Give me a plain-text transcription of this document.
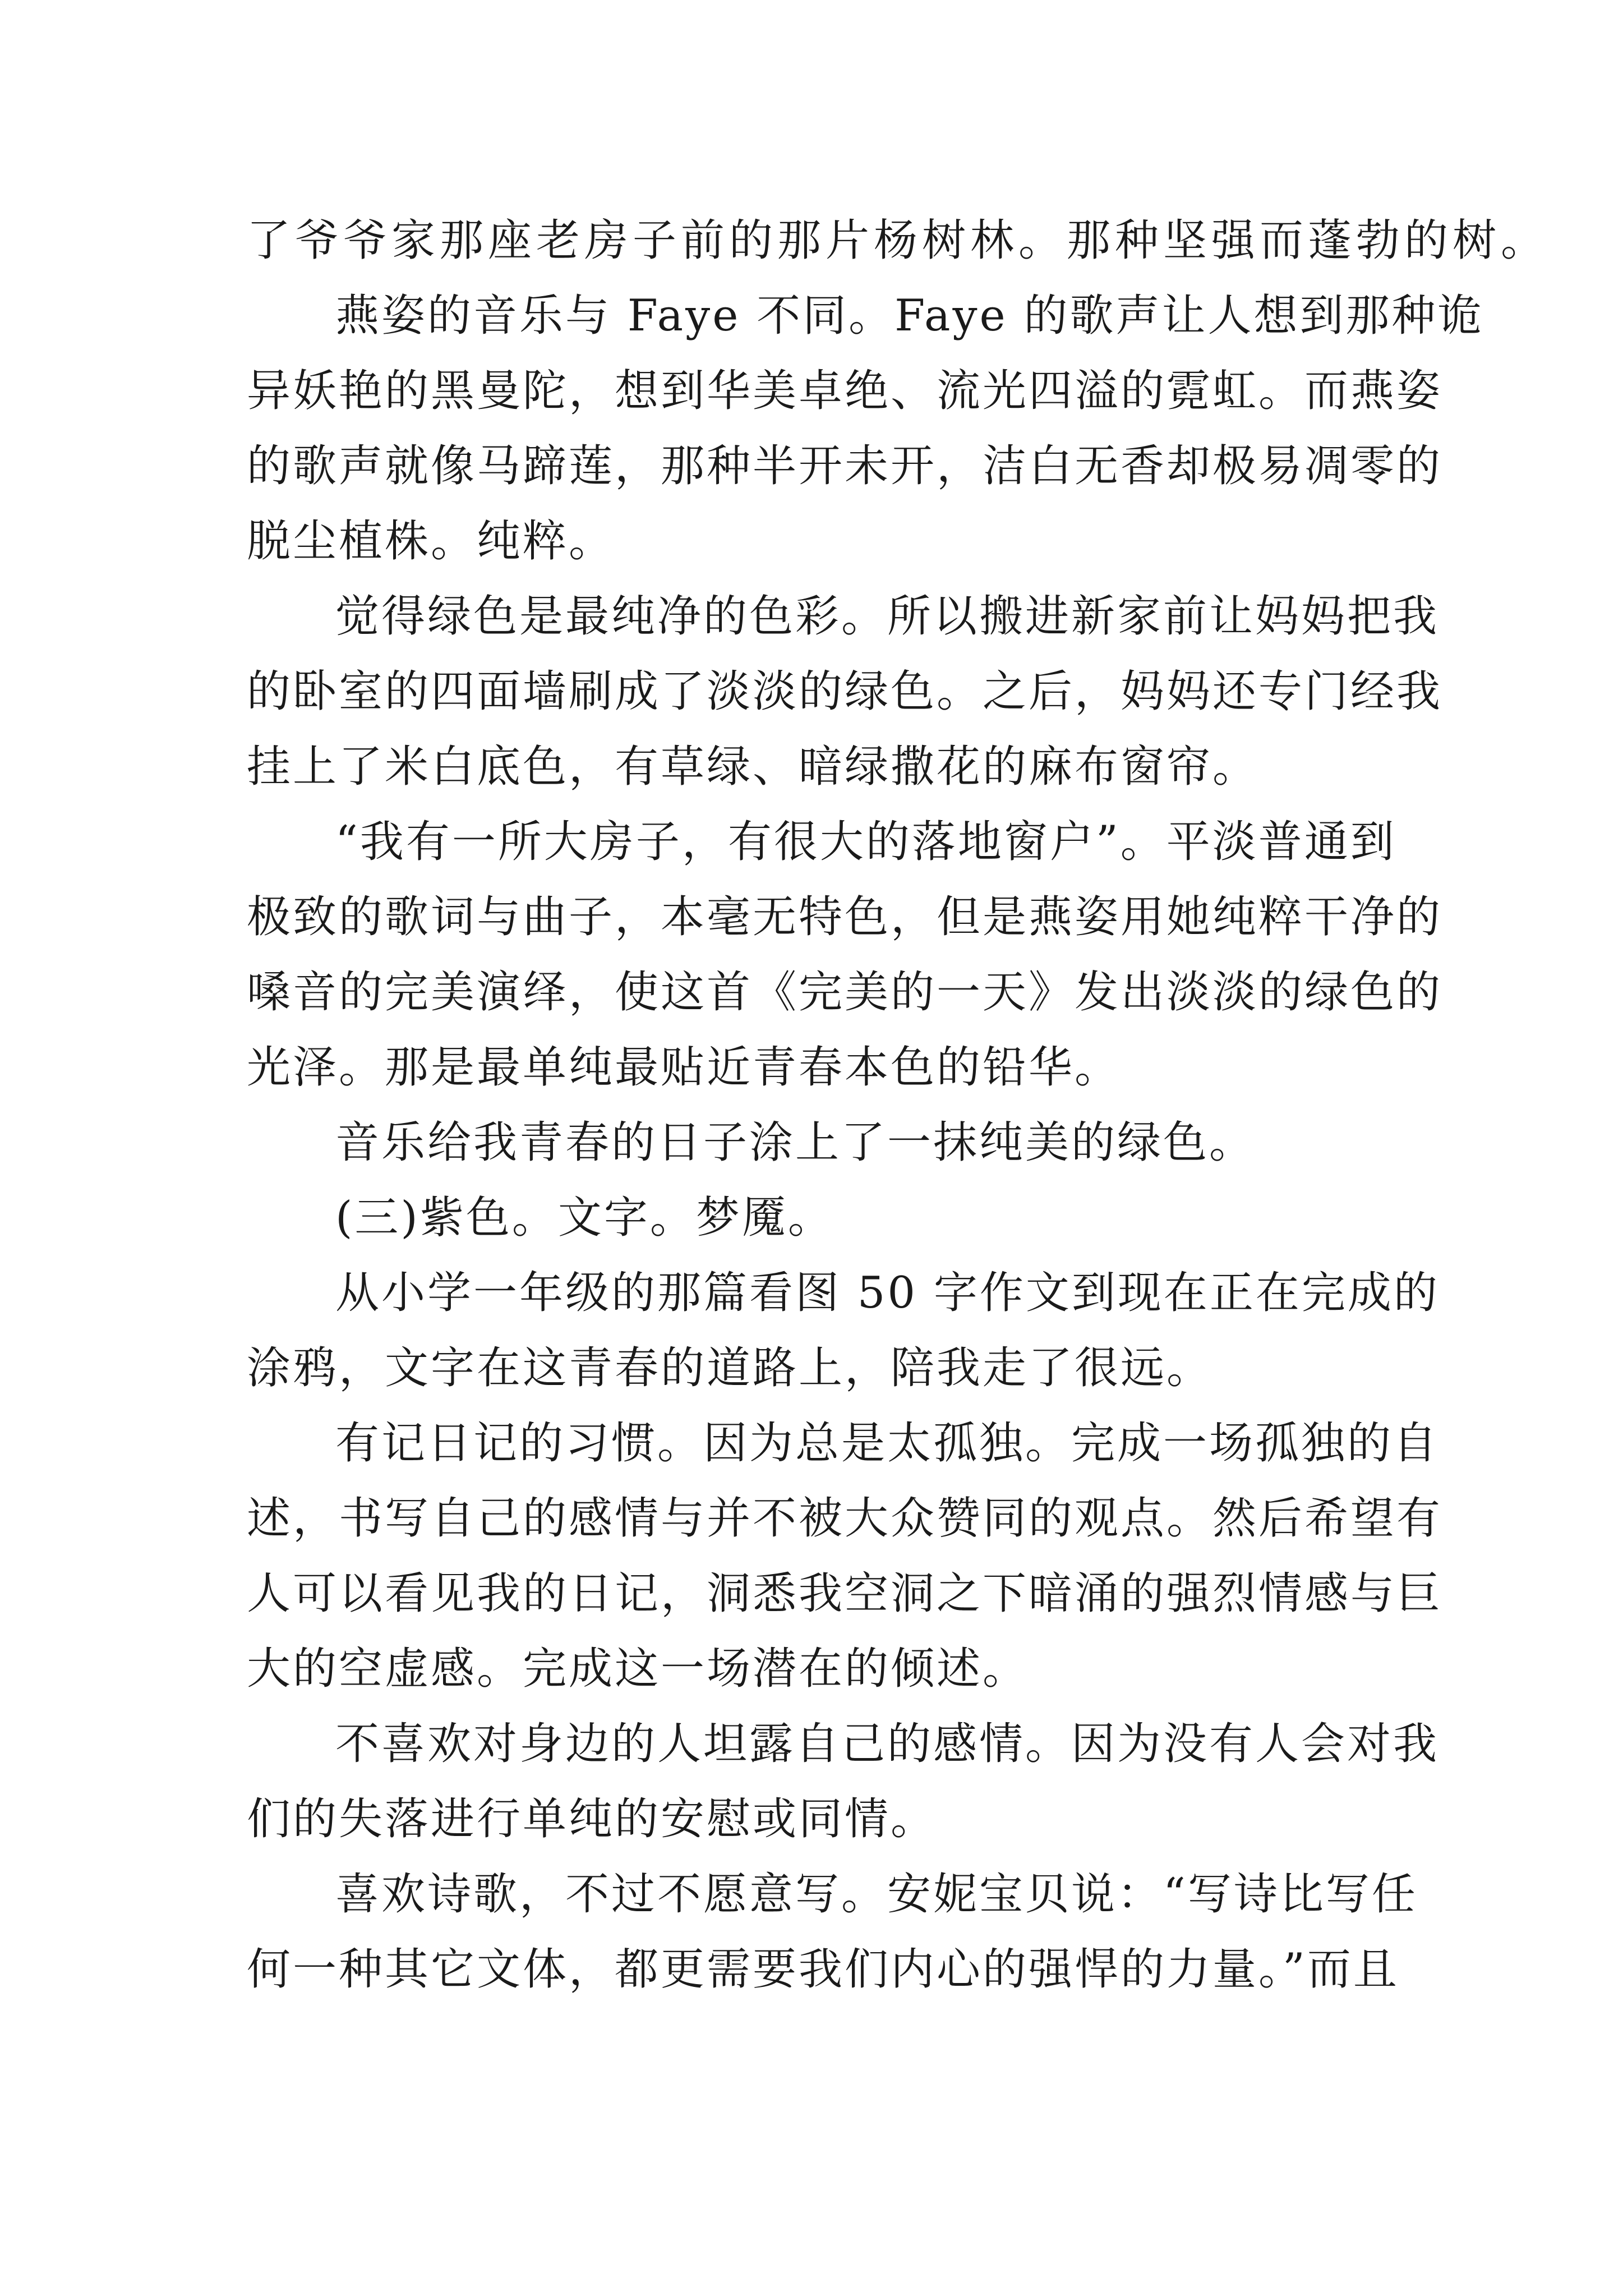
了爷爷家那座老房子前的那片杨树林。那种坚强而蓬勃的树。
燕姿的音乐与 Faye 不同。Faye 的歌声让人想到那种诡
异妖艳的黑曼陀，想到华美卓绝、流光四溢的霓虹。而燕姿
的歌声就像马蹄莲，那种半开未开，洁白无香却极易凋零的
脱尘植株。纯粹。
觉得绿色是最纯净的色彩。所以搬进新家前让妈妈把我
的卧室的四面墙刷成了淡淡的绿色。之后，妈妈还专门经我
挂上了米白底色，有草绿、暗绿撒花的麻布窗帘。
“我有一所大房子，有很大的落地窗户”。平淡普通到
极致的歌词与曲子，本毫无特色，但是燕姿用她纯粹干净的
嗓音的完美演绎，使这首《完美的一天》发出淡淡的绿色的
光泽。那是最单纯最贴近青春本色的铅华。
音乐给我青春的日子涂上了一抹纯美的绿色。
(三)紫色。文字。梦魇。
从小学一年级的那篇看图 50 字作文到现在正在完成的
涂鸦，文字在这青春的道路上，陪我走了很远。
有记日记的习惯。因为总是太孤独。完成一场孤独的自
述，书写自己的感情与并不被大众赞同的观点。然后希望有
人可以看见我的日记，洞悉我空洞之下暗涌的强烈情感与巨
大的空虚感。完成这一场潜在的倾述。
不喜欢对身边的人坦露自己的感情。因为没有人会对我
们的失落进行单纯的安慰或同情。
喜欢诗歌，不过不愿意写。安妮宝贝说：“写诗比写任
何一种其它文体，都更需要我们内心的强悍的力量。”而且
